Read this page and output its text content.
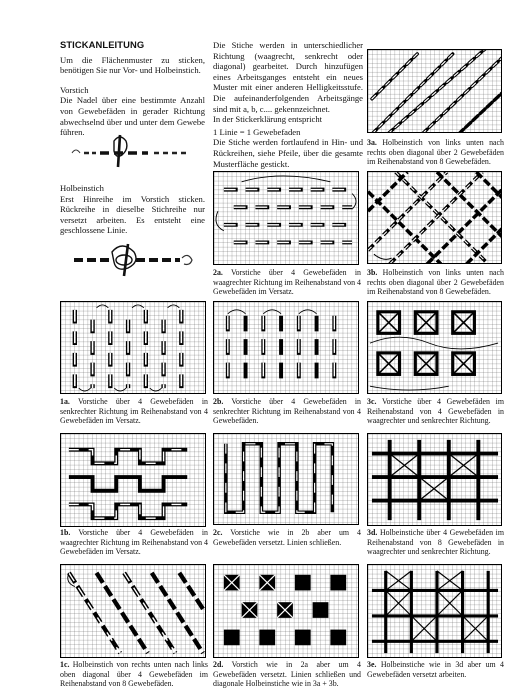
STICKANLEITUNG
Um die Flächenmuster zu sticken, benötigen Sie nur Vor- und Holbeinstich.
Vorstich
Die Nadel über eine bestimmte Anzahl von Gewebefäden in gerader Richtung abwechselnd über und unter dem Gewebe führen.
Holbeinstich
Erst Hinreihe im Vorstich sticken. Rückreihe in dieselbe Stichreihe nur versetzt arbeiten. Es entsteht eine geschlossene Linie.
Die Stiche werden in unterschiedlicher Richtung (waagrecht, senkrecht oder diagonal) gearbeitet. Durch hinzufügen eines Arbeitsganges entsteht ein neues Muster mit einer anderen Helligkeitsstufe. Die aufeinanderfolgenden Arbeitsgänge sind mit a, b, c.... gekennzeichnet.
In der Stickerklärung entspricht
1 Linie = 1 Gewebefaden
Die Stiche werden fortlaufend in Hin- und Rückreihen, siehe Pfeile, über die gesamte Musterfläche gestickt.
3a. Holbeinstich von links unten nach rechts oben diagonal über 2 Gewebefäden im Reihenabstand von 8 Gewebefäden.
2a. Vorstiche über 4 Gewebefäden in waagrechter Richtung im Reihenabstand von 4 Gewebefäden im Versatz.
3b. Holbeinstich von links unten nach rechts oben diagonal über 2 Gewebefäden im Reihenabstand von 8 Gewebefäden.
1a. Vorstiche über 4 Gewebefäden in senkrechter Richtung im Reihenabstand von 4 Gewebefäden im Versatz.
2b. Vorstiche über 4 Gewebefäden in senkrechter Richtung im Reihenabstand von 4 Gewebefäden.
3c. Vorstiche über 4 Gewebefäden im Reihenabstand von 4 Gewebefäden in waagrechter und senkrechter Richtung.
1b. Vorstiche über 4 Gewebefäden in waagrechter Richtung im Reihenabstand von 4 Gewebefäden im Versatz.
2c. Vorstiche wie in 2b aber um 4 Gewebefäden versetzt. Linien schließen.
3d. Holbeinstiche über 4 Gewebefäden im Reihenabstand von 8 Gewebefäden in waagrechter und senkrechter Richtung.
1c. Holbeinstich von rechts unten nach links oben diagonal über 4 Gewebefäden im Reihenabstand von 8 Gewebefäden.
2d. Vorstich wie in 2a aber um 4 Gewebefäden versetzt. Linien schließen und diagonale Holbeinstiche wie in 3a + 3b.
3e. Holbeinstiche wie in 3d aber um 4 Gewebefäden versetzt arbeiten.
